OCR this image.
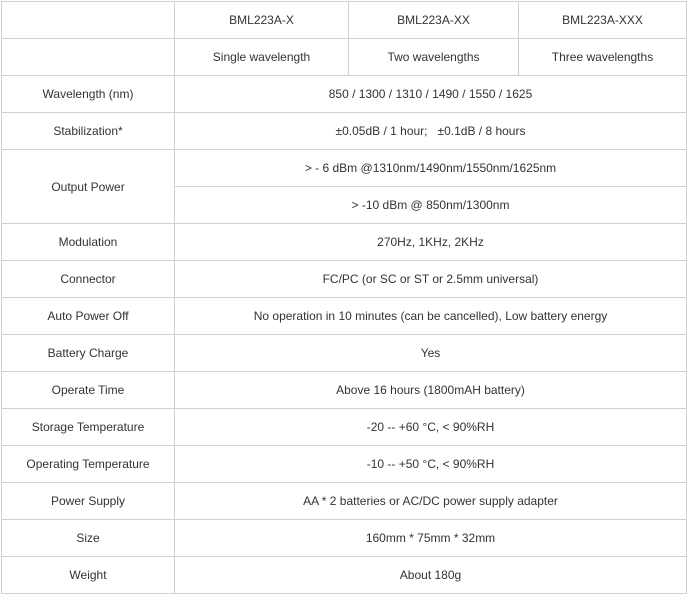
	BML223A-X	BML223A-XX	BML223A-XXX
	Single wavelength	Two wavelengths	Three wavelengths
Wavelength (nm)	850 / 1300 / 1310 / 1490 / 1550 / 1625		
Stabilization*	±0.05dB / 1 hour;   ±0.1dB / 8 hours		
Output Power	> - 6 dBm @1310nm/1490nm/1550nm/1625nm		
	> -10 dBm @ 850nm/1300nm		
Modulation	270Hz, 1KHz, 2KHz		
Connector	FC/PC (or SC or ST or 2.5mm universal)		
Auto Power Off	No operation in 10 minutes (can be cancelled), Low battery energy		
Battery Charge	Yes		
Operate Time	Above 16 hours (1800mAH battery)		
Storage Temperature	-20 -- +60 °C, < 90%RH		
Operating Temperature	-10 -- +50 °C, < 90%RH		
Power Supply	AA * 2 batteries or AC/DC power supply adapter		
Size	160mm * 75mm * 32mm		
Weight	About 180g		
